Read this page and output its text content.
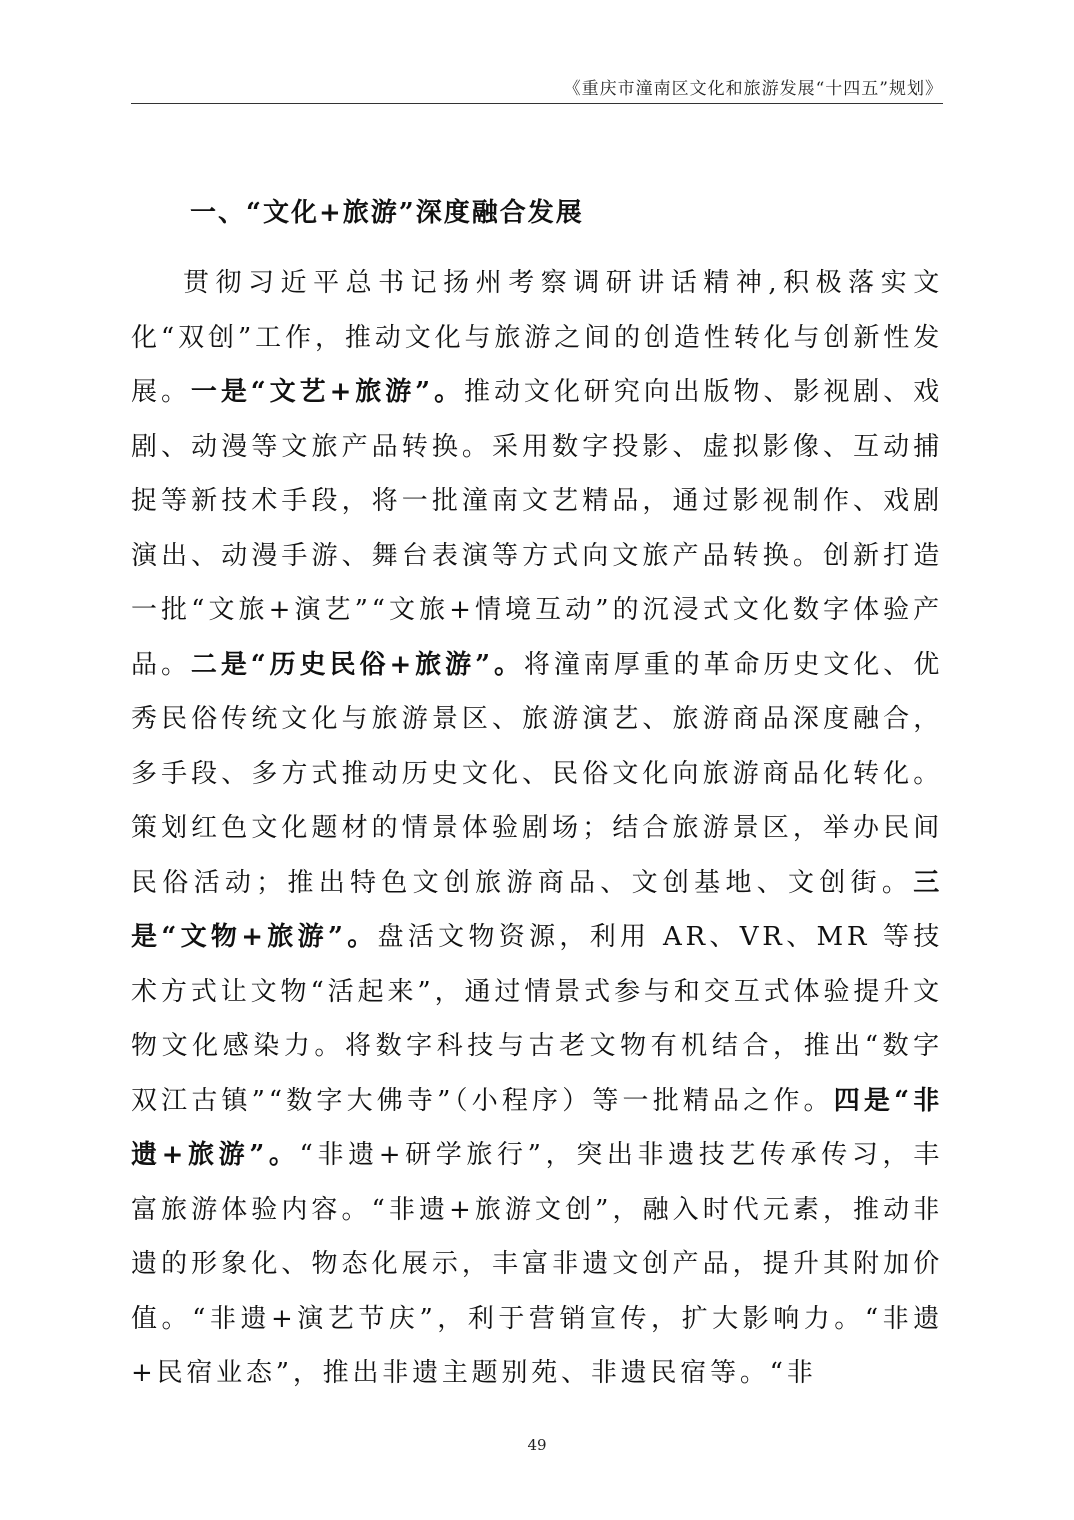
《重庆市潼南区文化和旅游发展“十四五”规划》
一、“文化+旅游”深度融合发展

贯彻习近平总书记扬州考察调研讲话精神,积极落实文化“双创”工作，推动文化与旅游之间的创造性转化与创新性发展。一是“文艺+旅游”。推动文化研究向出版物、影视剧、戏剧、动漫等文旅产品转换。采用数字投影、虚拟影像、互动捕捉等新技术手段，将一批潼南文艺精品，通过影视制作、戏剧演出、动漫手游、舞台表演等方式向文旅产品转换。创新打造一批“文旅+演艺”“文旅+情境互动”的沉浸式文化数字体验产品。二是“历史民俗+旅游”。将潼南厚重的革命历史文化、优秀民俗传统文化与旅游景区、旅游演艺、旅游商品深度融合，多手段、多方式推动历史文化、民俗文化向旅游商品化转化。策划红色文化题材的情景体验剧场；结合旅游景区，举办民间民俗活动；推出特色文创旅游商品、文创基地、文创街。三是“文物+旅游”。盘活文物资源，利用 AR、VR、MR 等技术方式让文物“活起来”，通过情景式参与和交互式体验提升文物文化感染力。将数字科技与古老文物有机结合，推出“数字双江古镇”“数字大佛寺”（小程序）等一批精品之作。四是“非遗+旅游”。“非遗+研学旅行”，突出非遗技艺传承传习，丰富旅游体验内容。“非遗+旅游文创”，融入时代元素，推动非遗的形象化、物态化展示，丰富非遗文创产品，提升其附加价值。“非遗+演艺节庆”，利于营销宣传，扩大影响力。“非遗+民宿业态”，推出非遗主题别苑、非遗民宿等。“非

49
